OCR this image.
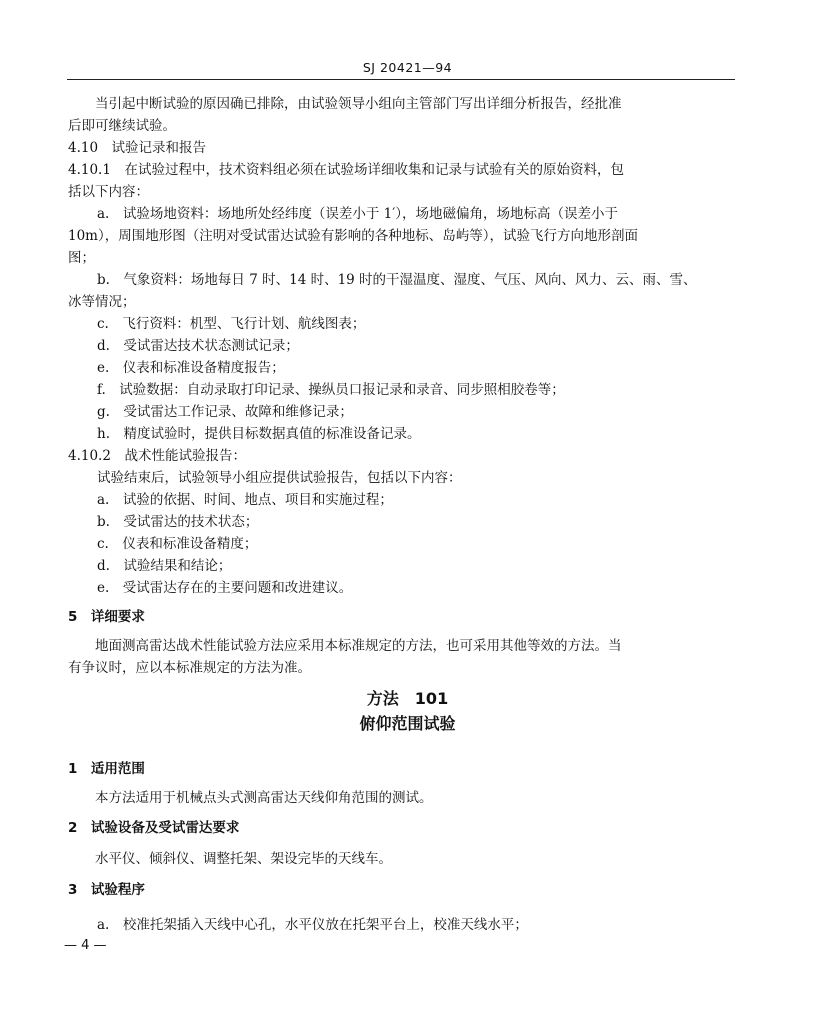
SJ 20421—94
当引起中断试验的原因确已排除，由试验领导小组向主管部门写出详细分析报告，经批准
后即可继续试验。
4.10　试验记录和报告
4.10.1　在试验过程中，技术资料组必须在试验场详细收集和记录与试验有关的原始资料，包
括以下内容：
a.　试验场地资料：场地所处经纬度（误差小于 1′），场地磁偏角，场地标高（误差小于
10m），周围地形图（注明对受试雷达试验有影响的各种地标、岛屿等），试验飞行方向地形剖面
图；
b.　气象资料：场地每日 7 时、14 时、19 时的干湿温度、湿度、气压、风向、风力、云、雨、雪、
冰等情况；
c.　飞行资料：机型、飞行计划、航线图表；
d.　受试雷达技术状态测试记录；
e.　仪表和标准设备精度报告；
f.　试验数据：自动录取打印记录、操纵员口报记录和录音、同步照相胶卷等；
g.　受试雷达工作记录、故障和维修记录；
h.　精度试验时，提供目标数据真值的标准设备记录。
4.10.2　战术性能试验报告：
试验结束后，试验领导小组应提供试验报告，包括以下内容：
a.　试验的依据、时间、地点、项目和实施过程；
b.　受试雷达的技术状态；
c.　仪表和标准设备精度；
d.　试验结果和结论；
e.　受试雷达存在的主要问题和改进建议。
5　详细要求
地面测高雷达战术性能试验方法应采用本标准规定的方法，也可采用其他等效的方法。当
有争议时，应以本标准规定的方法为准。
1　适用范围
本方法适用于机械点头式测高雷达天线仰角范围的测试。
2　试验设备及受试雷达要求
水平仪、倾斜仪、调整托架、架设完毕的天线车。
3　试验程序
a.　校准托架插入天线中心孔，水平仪放在托架平台上，校准天线水平；
方法　101
俯仰范围试验
— 4 —
